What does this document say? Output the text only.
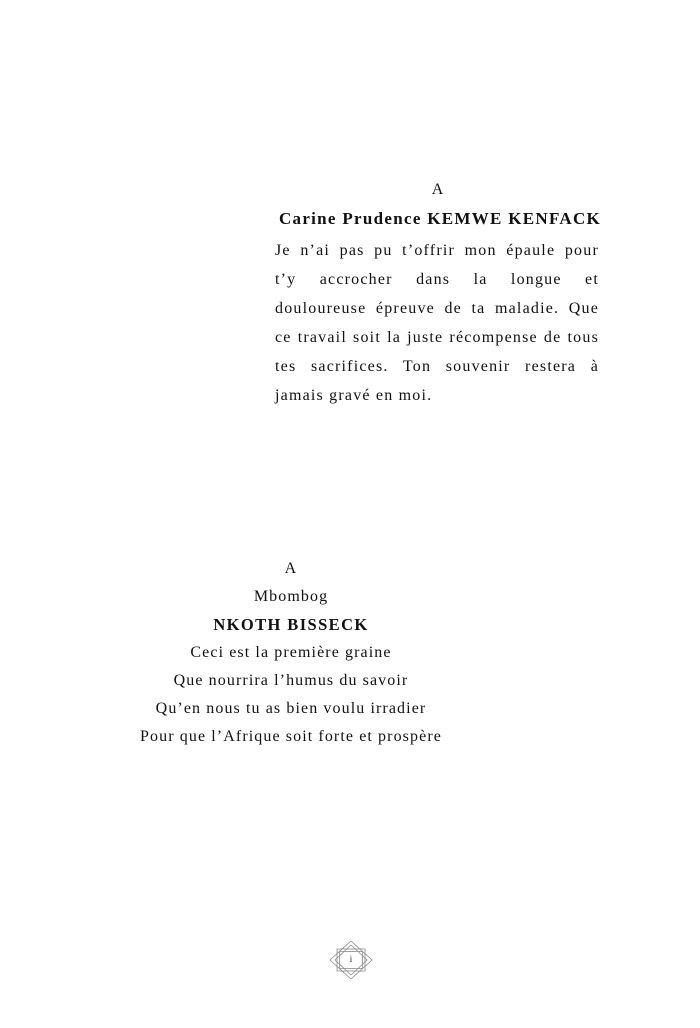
A
Carine Prudence KEMWE KENFACK
Je n’ai pas pu t’offrir mon épaule pour
t’y accrocher dans la longue et
douloureuse épreuve de ta maladie. Que
ce travail soit la juste récompense de tous
tes sacrifices. Ton souvenir restera à
jamais gravé en moi.
A
Mbombog
NKOTH BISSECK
Ceci est la première graine
Que nourrira l’humus du savoir
Qu’en nous tu as bien voulu irradier
Pour que l’Afrique soit forte et prospère
i
